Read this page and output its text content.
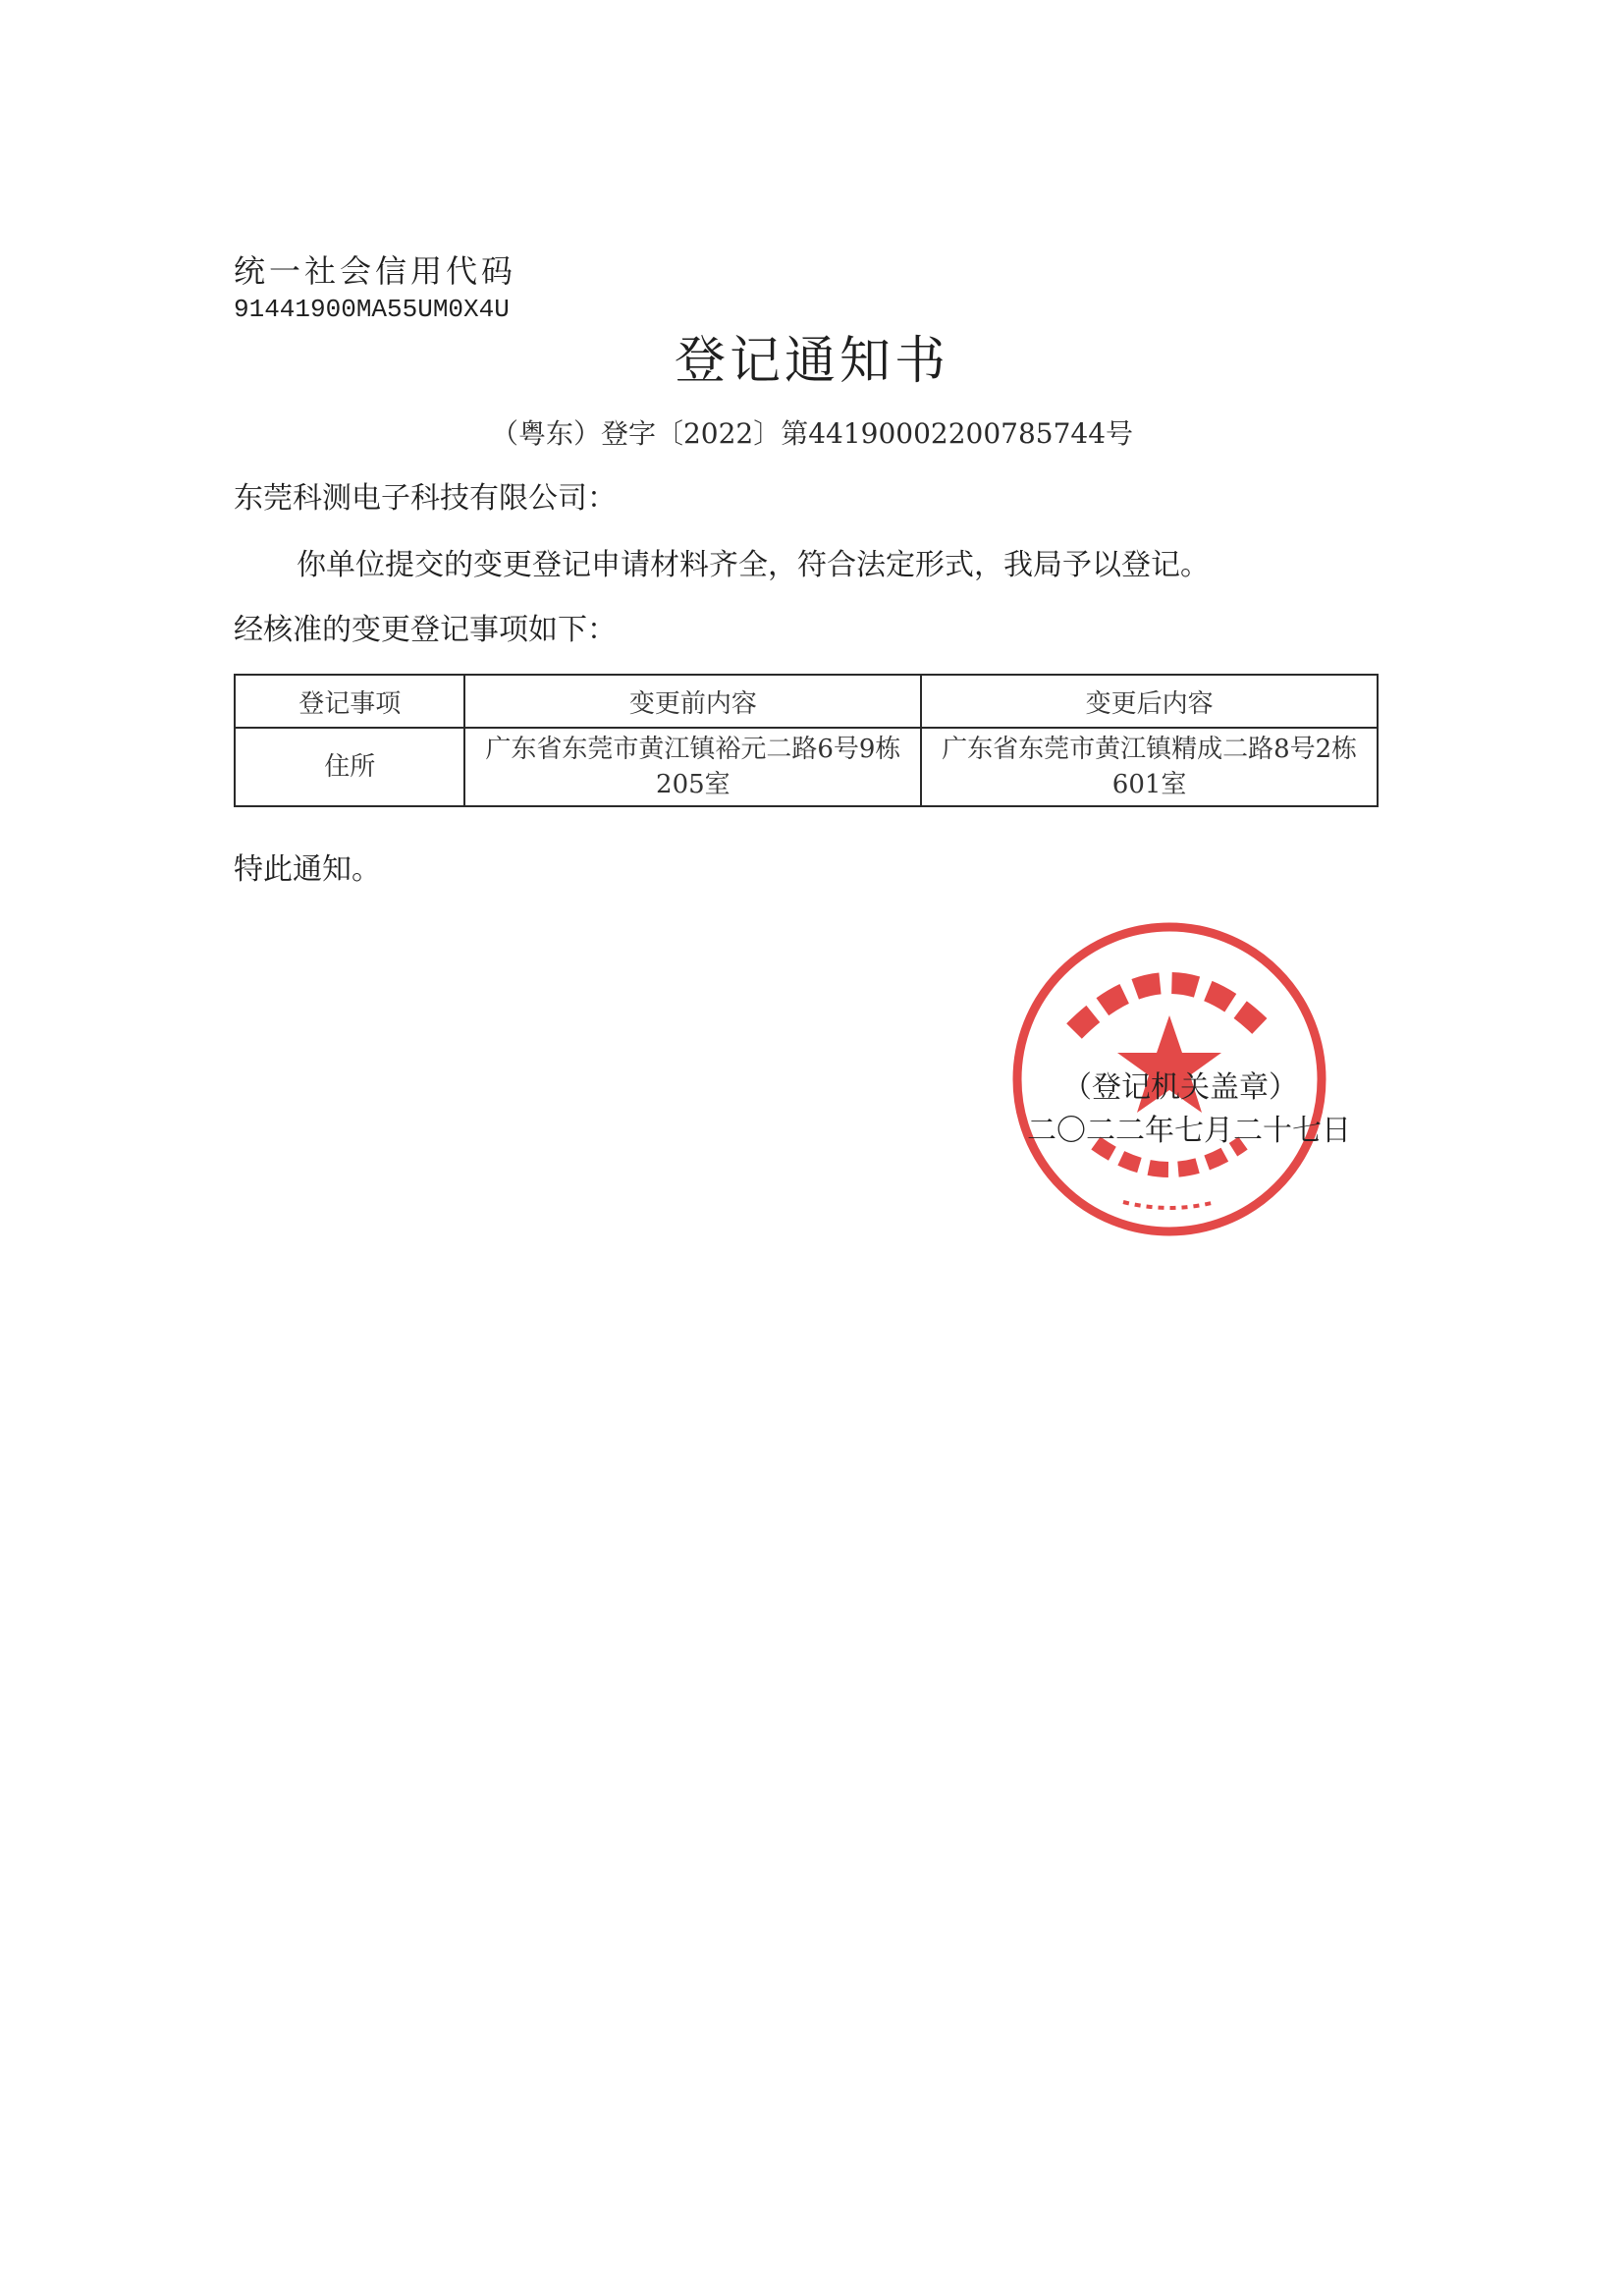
统一社会信用代码
91441900MA55UM0X4U
登记通知书
（粤东）登字〔2022〕第44190002200785744号
东莞科测电子科技有限公司：
你单位提交的变更登记申请材料齐全，符合法定形式，我局予以登记。
经核准的变更登记事项如下：
登记事项	变更前内容	变更后内容
住所	广东省东莞市黄江镇裕元二路6号9栋205室	广东省东莞市黄江镇精成二路8号2栋601室
特此通知。
（登记机关盖章）
二〇二二年七月二十七日
